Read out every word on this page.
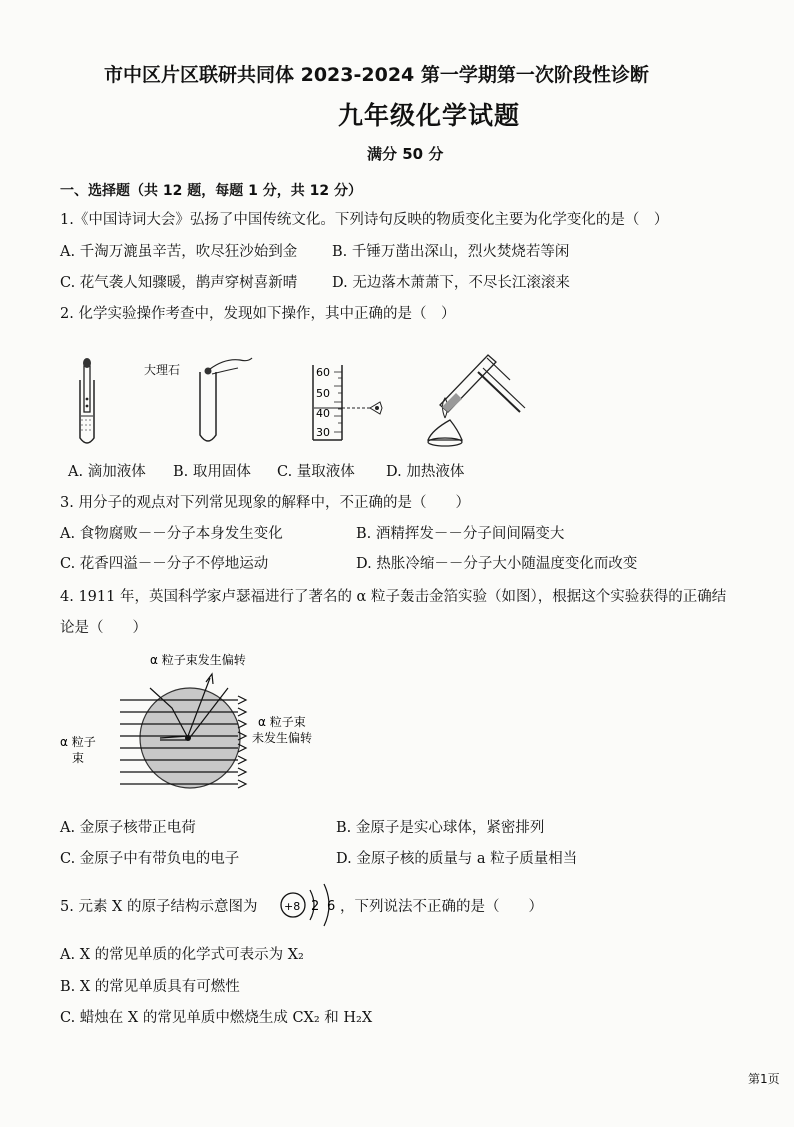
市中区片区联研共同体 2023-2024 第一学期第一次阶段性诊断
九年级化学试题
满分 50 分
一、选择题（共 12 题，每题 1 分，共 12 分）
1.《中国诗词大会》弘扬了中国传统文化。下列诗句反映的物质变化主要为化学变化的是（　）
A. 千淘万漉虽辛苦，吹尽狂沙始到金 B. 千锤万凿出深山，烈火焚烧若等闲
C. 花气袭人知骤暖，鹊声穿树喜新晴 D. 无边落木萧萧下，不尽长江滚滚来
2. 化学实验操作考查中，发现如下操作，其中正确的是（　）
大理石	60
50
40
30
A. 滴加液体 B. 取用固体 C. 量取液体 D. 加热液体
3. 用分子的观点对下列常见现象的解释中，不正确的是（　　）
A. 食物腐败－－分子本身发生变化	B. 酒精挥发－－分子间间隔变大
C. 花香四溢－－分子不停地运动	D. 热胀冷缩－－分子大小随温度变化而改变
4. 1911 年，英国科学家卢瑟福进行了著名的 α 粒子轰击金箔实验（如图），根据这个实验获得的正确结
论是（　　）
α 粒子束发生偏转
α 粒子束
未发生偏转
α 粒子
束
A. 金原子核带正电荷	B. 金原子是实心球体，紧密排列
C. 金原子中有带负电的电子	D. 金原子核的质量与 a 粒子质量相当
5. 元素 X 的原子结构示意图为 +8 2 6 ，下列说法不正确的是（　　）
A. X 的常见单质的化学式可表示为 X₂
B. X 的常见单质具有可燃性
C. 蜡烛在 X 的常见单质中燃烧生成 CX₂ 和 H₂X
第1页
